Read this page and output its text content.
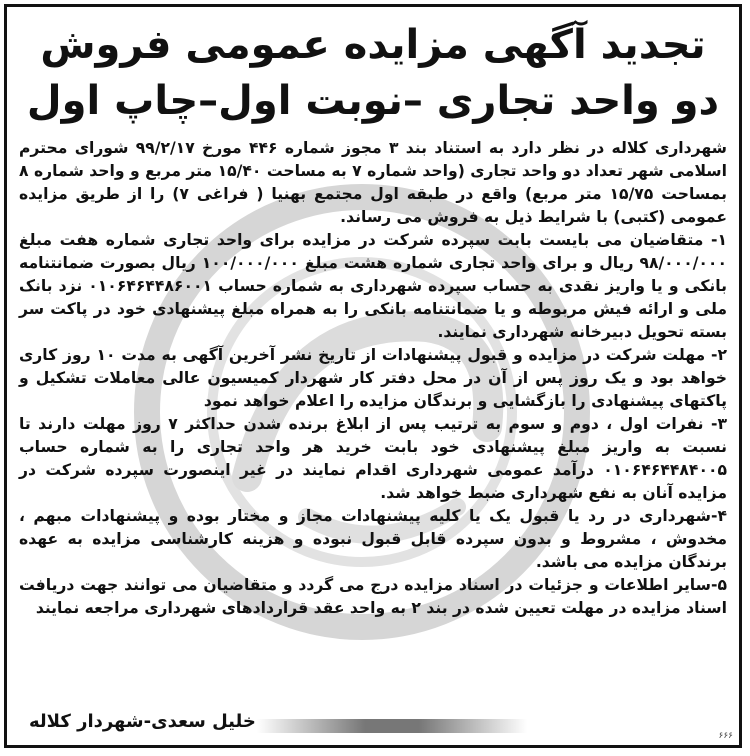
تجدید آگهی مزایده عمومی فروش
دو واحد تجاری –نوبت اول–چاپ اول

شهرداری کلاله در نظر دارد به استناد بند ۳ مجوز شماره ۴۴۶ مورخ ۹۹/۲/۱۷ شورای محترم اسلامی شهر تعداد دو واحد تجاری (واحد شماره ۷ به مساحت ۱۵/۴۰ متر مربع و واحد شماره ۸ بمساحت ۱۵/۷۵ متر مربع) واقع در طبقه اول مجتمع بهنیا ( فراغی ۷) را از طریق مزایده عمومی (کتبی) با شرایط ذیل به فروش می رساند.

۱- متقاضیان می بایست بابت سپرده شرکت در مزایده برای واحد تجاری شماره هفت مبلغ ۹۸/۰۰۰/۰۰۰ ریال و برای واحد تجاری شماره هشت مبلغ ۱۰۰/۰۰۰/۰۰۰ ریال بصورت ضمانتنامه بانکی و یا واریز نقدی به حساب سپرده شهرداری به شماره حساب ۰۱۰۶۴۶۴۴۸۶۰۰۱ نزد بانک ملی و ارائه فیش مربوطه و یا ضمانتنامه بانکی را به همراه مبلغ پیشنهادی خود در پاکت سر بسته تحویل دبیرخانه شهرداری نمایند.

۲- مهلت شرکت در مزایده و قبول پیشنهادات از تاریخ نشر آخرین آگهی به مدت ۱۰ روز کاری خواهد بود و یک روز پس از آن در محل دفتر کار شهردار کمیسیون عالی معاملات تشکیل و پاکتهای پیشنهادی را بازگشایی و برندگان مزایده را اعلام خواهد نمود

۳- نفرات اول ، دوم و سوم به ترتیب پس از ابلاغ برنده شدن حداکثر ۷ روز مهلت دارند تا نسبت به واریز مبلغ پیشنهادی خود بابت خرید هر واحد تجاری را به شماره حساب ۰۱۰۶۴۶۴۴۸۴۰۰۵ درآمد عمومی شهرداری اقدام نمایند در غیر اینصورت سپرده شرکت در مزایده آنان به نفع شهرداری ضبط خواهد شد.

۴-شهرداری در رد یا قبول یک یا کلیه پیشنهادات مجاز و مختار بوده و پیشنهادات مبهم ، مخدوش ، مشروط و بدون سپرده قابل قبول نبوده و هزینه کارشناسی مزایده به عهده برندگان مزایده می باشد.

۵-سایر اطلاعات و جزئیات در اسناد مزایده درج می گردد و متقاضیان می توانند جهت دریافت اسناد مزایده در مهلت تعیین شده در بند ۲ به واحد عقد قراردادهای شهرداری مراجعه نمایند

خلیل سعدی-شهردار کلاله
۶۶۶
